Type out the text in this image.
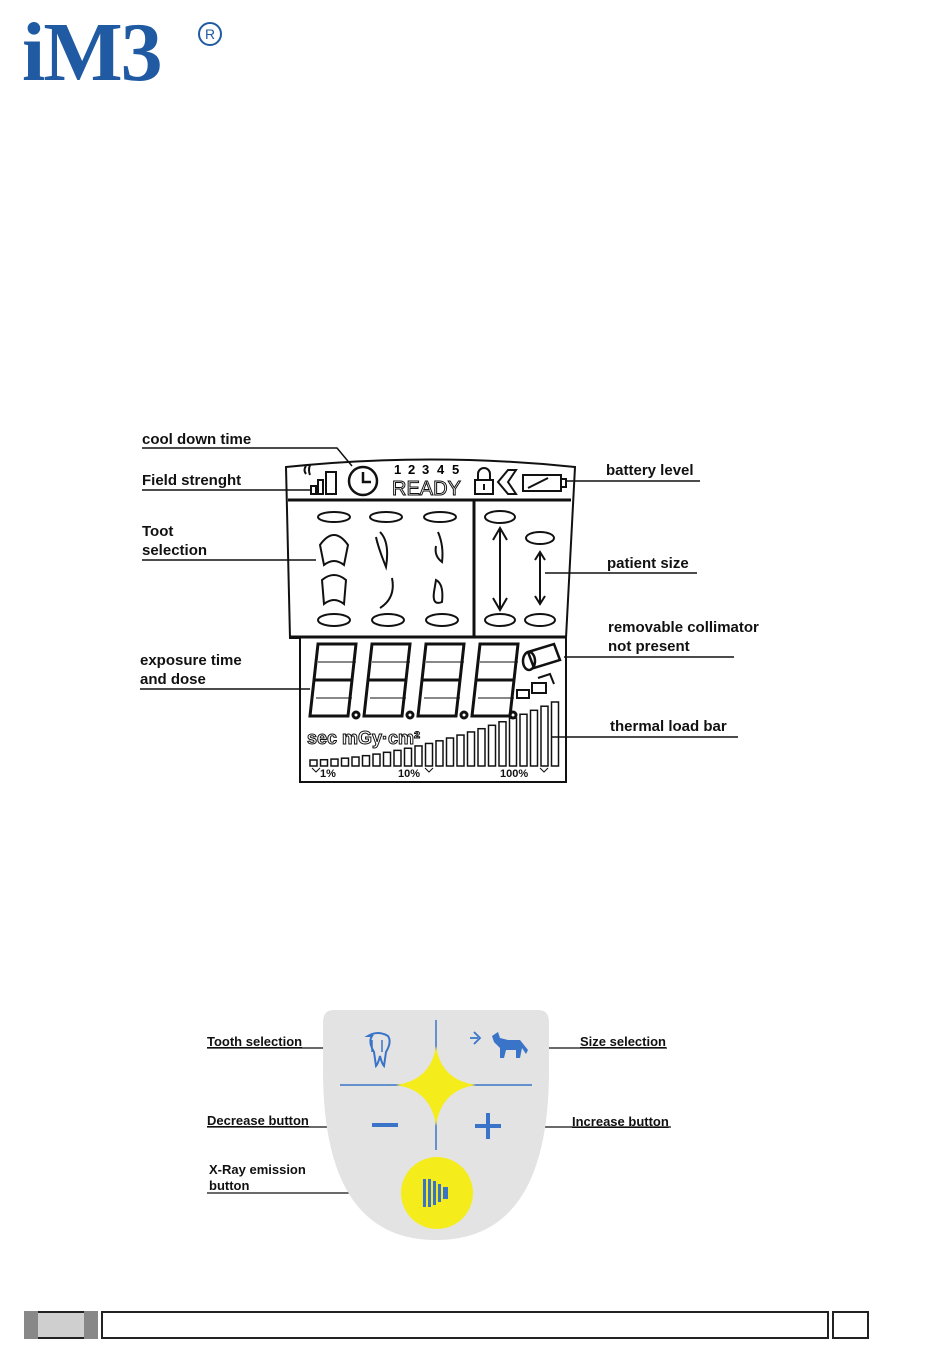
iM3	R
cool down time
Field strenght
Toot selection
exposure time and dose
battery level
patient size
removable collimator not present
thermal load bar
1 2 3 4 5
READY
sec mGy·cm²
1%	10%	100%
Tooth selection	Size selection
Decrease button	Increase button
X-Ray emission button
